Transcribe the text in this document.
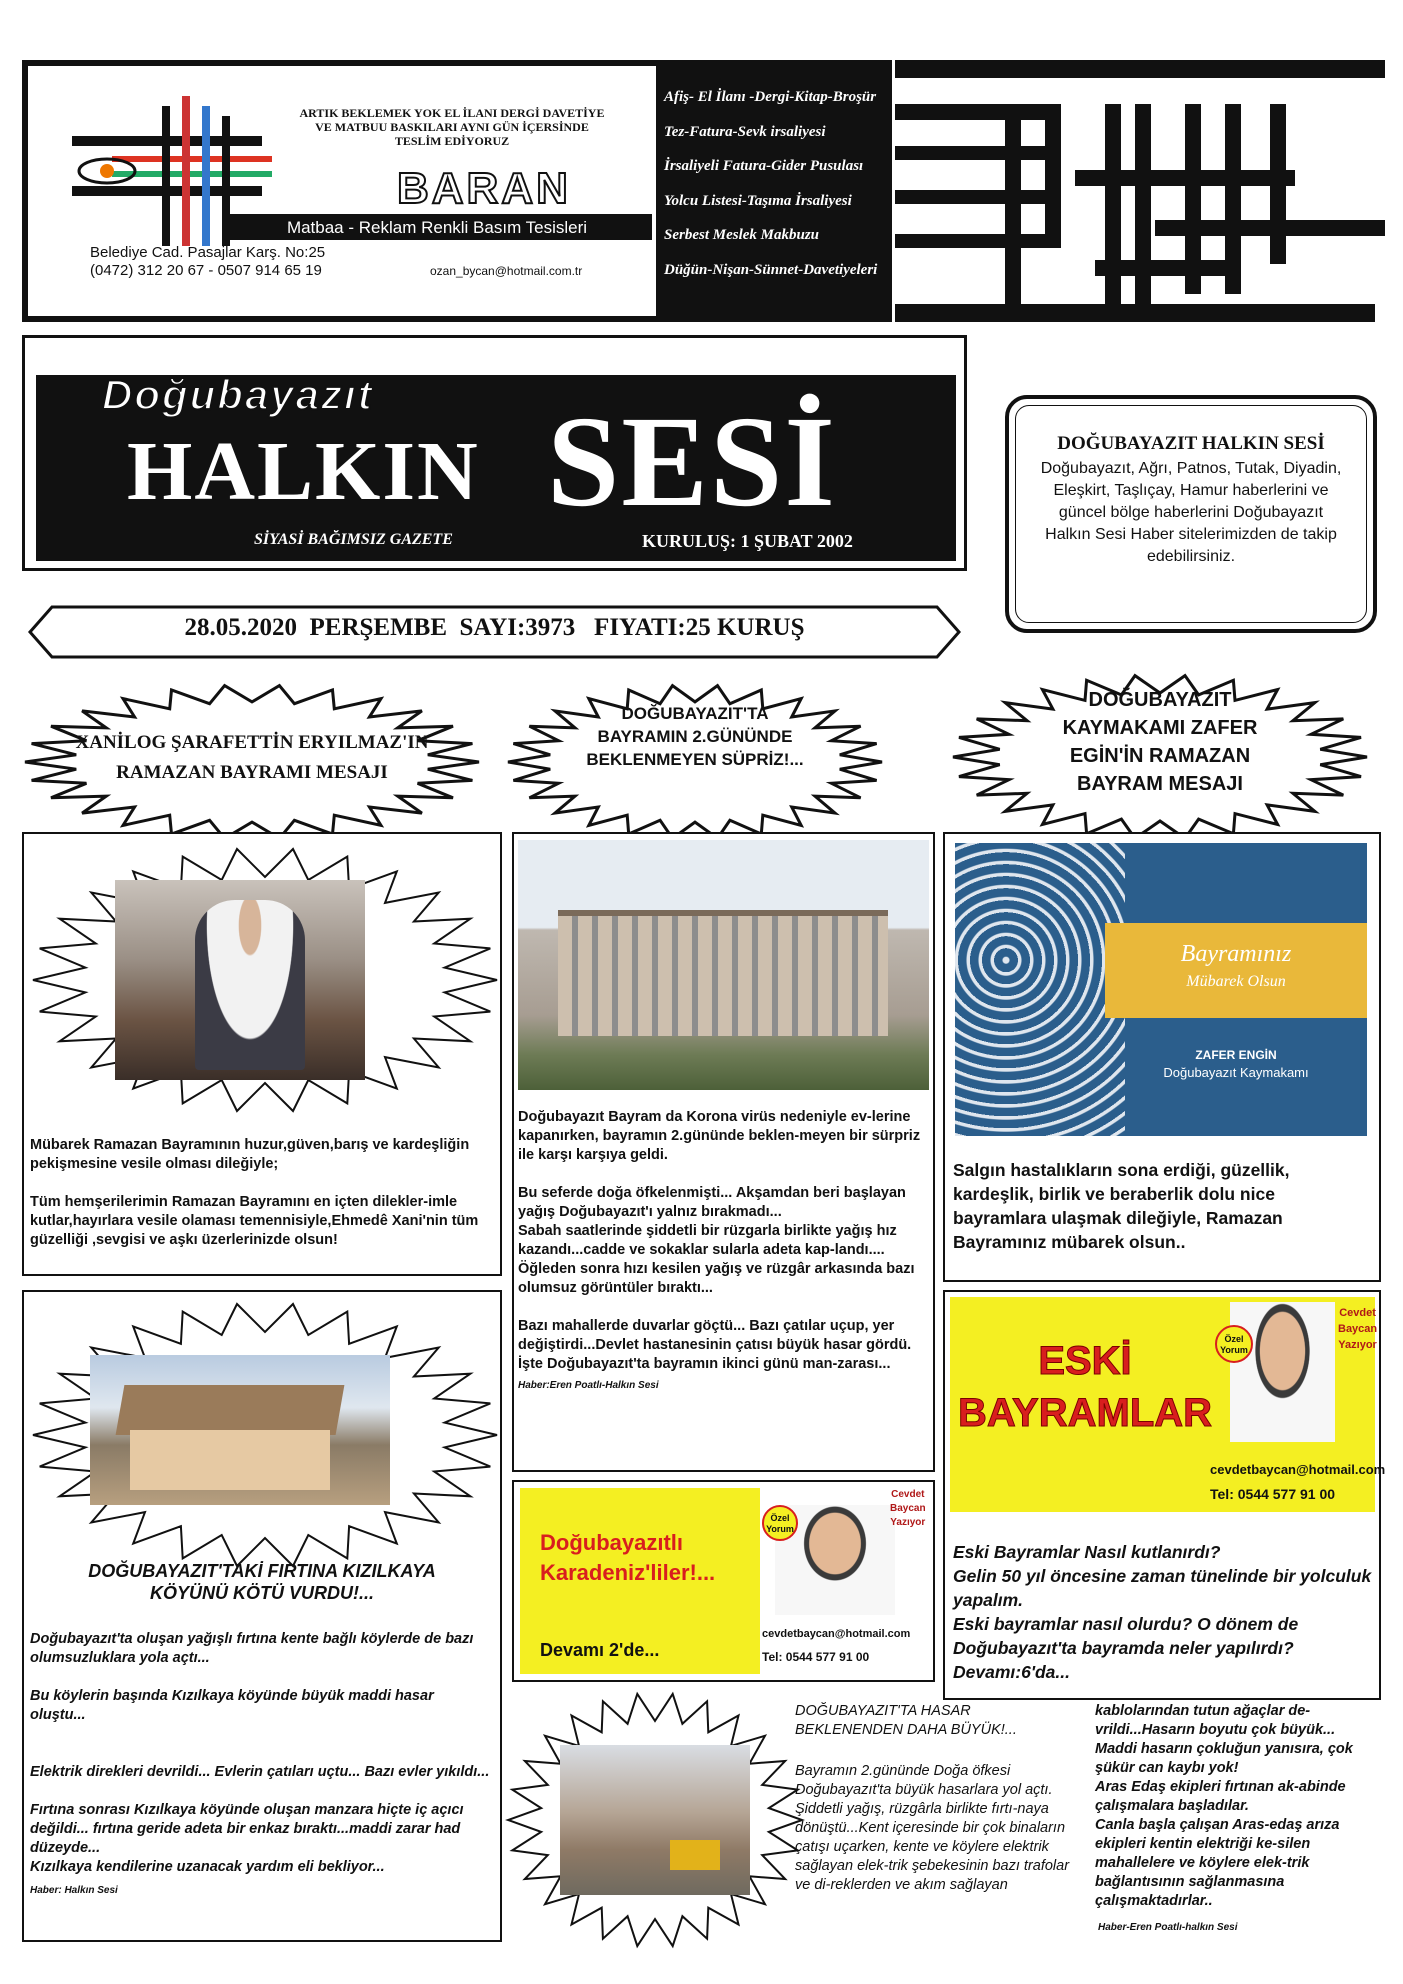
ARTIK BEKLEMEK YOK EL İLANI DERGİ DAVETİYE
VE MATBUU BASKILARI AYNI GÜN İÇERSİNDE
TESLİM EDİYORUZ
BARAN
Matbaa - Reklam Renkli Basım Tesisleri
Belediye Cad. Pasajlar Karş. No:25
(0472) 312 20 67 - 0507 914 65 19	ozan_bycan@hotmail.com.tr
Afiş- El İlanı -Dergi-Kitap-Broşür
Tez-Fatura-Sevk irsaliyesi
İrsaliyeli Fatura-Gider Pusulası
Yolcu Listesi-Taşıma İrsaliyesi
Serbest Meslek Makbuzu
Düğün-Nişan-Sünnet-Davetiyeleri
Doğubayazıt
HALKIN SESİ
SİYASİ BAĞIMSIZ GAZETE	KURULUŞ: 1 ŞUBAT 2002
DOĞUBAYAZIT HALKIN SESİ
Doğubayazıt, Ağrı, Patnos, Tutak, Diyadin, Eleşkirt, Taşlıçay, Hamur haberlerini ve güncel bölge haberlerini Doğubayazıt Halkın Sesi Haber sitelerimizden de takip edebilirsiniz.
28.05.2020  PERŞEMBE  SAYI:3973   FIYATI:25 KURUŞ
XANİLOG ŞARAFETTİN ERYILMAZ'IN
RAMAZAN BAYRAMI MESAJI
DOĞUBAYAZIT'TA
BAYRAMIN 2.GÜNÜNDE
BEKLENMEYEN SÜPRİZ!...
DOĞUBAYAZIT
KAYMAKAMI ZAFER
EGİN'İN RAMAZAN
BAYRAM MESAJI

Mübarek Ramazan Bayramının huzur,güven,barış ve kardeşliğin pekişmesine vesile olması dileğiyle;

Tüm hemşerilerimin Ramazan Bayramını en içten dilekler-imle kutlar,hayırlara vesile olaması temennisiyle,Ehmedê Xani'nin tüm güzelliği ,sevgisi ve aşkı üzerlerinizde olsun!

DOĞUBAYAZIT'TAKİ FIRTINA KIZILKAYA
KÖYÜNÜ KÖTÜ VURDU!...

Doğubayazıt'ta oluşan yağışlı fırtına kente bağlı köylerde de bazı olumsuzluklara yola açtı...

Bu köylerin başında Kızılkaya köyünde büyük maddi hasar oluştu...

Elektrik direkleri devrildi... Evlerin çatıları uçtu... Bazı evler yıkıldı...

Fırtına sonrası Kızılkaya köyünde oluşan manzara hiçte iç açıcı değildi... fırtına geride adeta bir enkaz bıraktı...maddi zarar had düzeyde...
Kızılkaya kendilerine uzanacak yardım eli bekliyor...

Haber: Halkın Sesi

Doğubayazıt Bayram da Korona virüs nedeniyle ev-lerine kapanırken, bayramın 2.gününde beklen-meyen bir sürpriz ile karşı karşıya geldi.

Bu seferde doğa öfkelenmişti... Akşamdan beri başlayan yağış Doğubayazıt'ı yalnız bırakmadı...
Sabah saatlerinde şiddetli bir rüzgarla birlikte yağış hız kazandı...cadde ve sokaklar sularla adeta kap-landı....
Öğleden sonra hızı kesilen yağış ve rüzgâr arkasında bazı olumsuz görüntüler bıraktı...

Bazı mahallerde duvarlar göçtü... Bazı çatılar uçup, yer değiştirdi...Devlet hastanesinin çatısı büyük hasar gördü.
İşte Doğubayazıt'ta bayramın ikinci günü man-zarası...

Haber:Eren Poatlı-Halkın Sesi
Doğubayazıtlı
Karadeniz'liler!...
Devamı 2'de...
Özel
Yorum
Cevdet
Baycan
Yazıyor
cevdetbaycan@hotmail.com
Tel: 0544 577 91 00
Bayramınız
Mübarek Olsun
ZAFER ENGİN
Doğubayazıt Kaymakamı
Salgın hastalıkların sona erdiği, güzellik, kardeşlik, birlik ve beraberlik dolu nice bayramlara ulaşmak dileğiyle, Ramazan Bayramınız mübarek olsun..
ESKİ
BAYRAMLAR
Özel
Yorum
Cevdet
Baycan
Yazıyor
cevdetbaycan@hotmail.com
Tel: 0544 577 91 00
Eski Bayramlar Nasıl kutlanırdı?
Gelin 50 yıl öncesine zaman tünelinde bir yolculuk yapalım.
Eski bayramlar nasıl olurdu? O dönem de Doğubayazıt'ta bayramda neler yapılırdı?
Devamı:6'da...
DOĞUBAYAZIT'TA HASAR
BEKLENENDEN DAHA BÜYÜK!...
Bayramın 2.gününde Doğa öfkesi Doğubayazıt'ta büyük hasarlara yol açtı.
Şiddetli yağış, rüzgârla birlikte fırtı-naya dönüştü...Kent içeresinde bir çok binaların çatışı uçarken, kente ve köylere elektrik sağlayan elek-trik şebekesinin bazı trafolar ve di-reklerden ve akım sağlayan
kablolarından tutun ağaçlar de-vrildi...Hasarın boyutu çok büyük... Maddi hasarın çokluğun yanısıra, çok şükür can kaybı yok!
Aras Edaş ekipleri fırtınan ak-abinde çalışmalara başladılar.
Canla başla çalışan Aras-edaş arıza ekipleri kentin elektriği ke-silen mahallelere ve köylere elek-trik bağlantısının sağlanmasına çalışmaktadırlar..
Haber-Eren Poatlı-halkın Sesi
